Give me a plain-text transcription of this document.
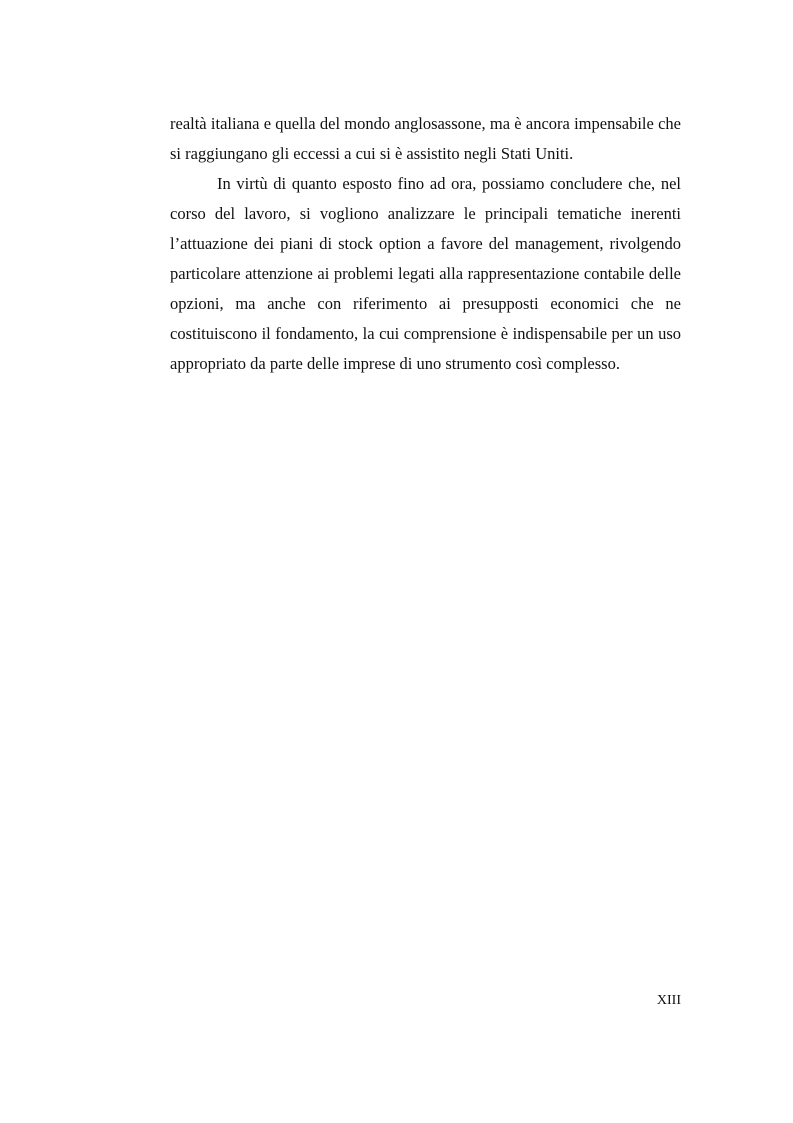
realtà italiana e quella del mondo anglosassone, ma è ancora impensabile che si raggiungano gli eccessi a cui si è assistito negli Stati Uniti.

In virtù di quanto esposto fino ad ora, possiamo concludere che, nel corso del lavoro, si vogliono analizzare le principali tematiche inerenti l’attuazione dei piani di stock option a favore del management, rivolgendo particolare attenzione ai problemi legati alla rappresentazione contabile delle opzioni, ma anche con riferimento ai presupposti economici che ne costituiscono il fondamento, la cui comprensione è indispensabile per un uso appropriato da parte delle imprese di uno strumento così complesso.

XIII
